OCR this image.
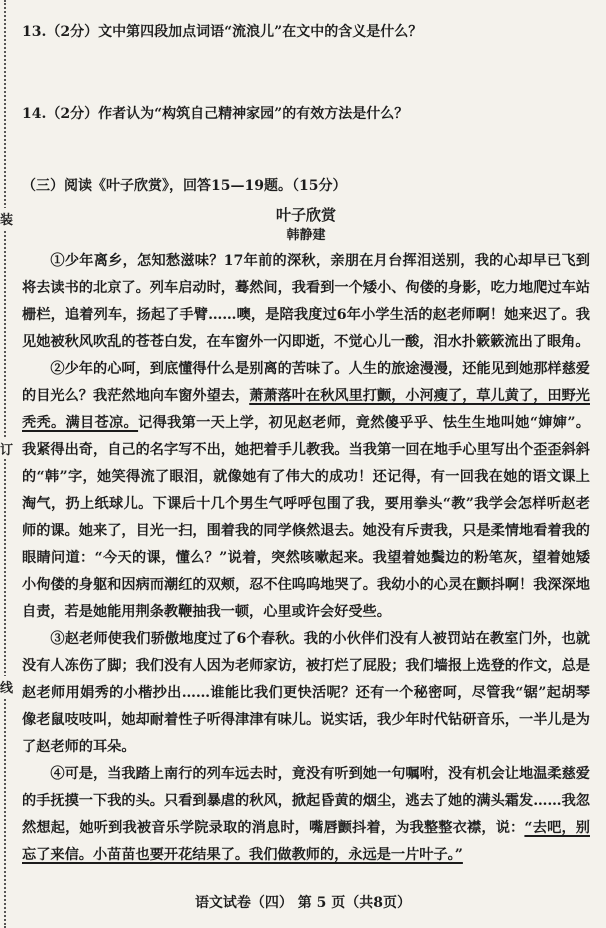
装
订
线

13.（2分）文中第四段加点词语“流浪儿”在文中的含义是什么？

14.（2分）作者认为“构筑自己精神家园”的有效方法是什么？

（三）阅读《叶子欣赏》，回答15—19题。（15分）

叶子欣赏

韩静建

①少年离乡，怎知愁滋味？17年前的深秋，亲朋在月台挥泪送别，我的心却早已飞到将去读书的北京了。列车启动时，蓦然间，我看到一个矮小、佝偻的身影，吃力地爬过车站栅栏，追着列车，扬起了手臂……噢，是陪我度过6年小学生活的赵老师啊！她来迟了。我见她被秋风吹乱的苍苍白发，在车窗外一闪即逝，不觉心儿一酸，泪水扑簌簌流出了眼角。

②少年的心呵，到底懂得什么是别离的苦味了。人生的旅途漫漫，还能见到她那样慈爱的目光么？我茫然地向车窗外望去，萧萧落叶在秋风里打颤，小河瘦了，草儿黄了，田野光秃秃。满目苍凉。记得我第一天上学，初见赵老师，竟然傻乎乎、怯生生地叫她“婶婶”。我紧得出奇，自己的名字写不出，她把着手儿教我。当我第一回在地手心里写出个歪歪斜斜的“韩”字，她笑得流了眼泪，就像她有了伟大的成功！还记得，有一回我在她的语文课上淘气，扔上纸球儿。下课后十几个男生气呼呼包围了我，要用拳头“教”我学会怎样听赵老师的课。她来了，目光一扫，围着我的同学倏然退去。她没有斥责我，只是柔情地看着我的眼睛问道：“今天的课，懂么？”说着，突然咳嗽起来。我望着她鬓边的粉笔灰，望着她矮小佝偻的身躯和因病而潮红的双颊，忍不住呜呜地哭了。我幼小的心灵在颤抖啊！我深深地自责，若是她能用荆条教鞭抽我一顿，心里或许会好受些。

③赵老师使我们骄傲地度过了6个春秋。我的小伙伴们没有人被罚站在教室门外，也就没有人冻伤了脚；我们没有人因为老师家访，被打烂了屁股；我们墙报上选登的作文，总是赵老师用娟秀的小楷抄出……谁能比我们更快活呢？还有一个秘密呵，尽管我“锯”起胡琴像老鼠吱吱叫，她却耐着性子听得津津有味儿。说实话，我少年时代钻研音乐，一半儿是为了赵老师的耳朵。

④可是，当我踏上南行的列车远去时，竟没有听到她一句嘱咐，没有机会让地温柔慈爱的手抚摸一下我的头。只看到暴虐的秋风，掀起昏黄的烟尘，逃去了她的满头霜发……我忽然想起，她听到我被音乐学院录取的消息时，嘴唇颤抖着，为我整整衣襟，说：“去吧，别忘了来信。小苗苗也要开花结果了。我们做教师的，永远是一片叶子。”

语文试卷（四） 第 5 页（共8页）
